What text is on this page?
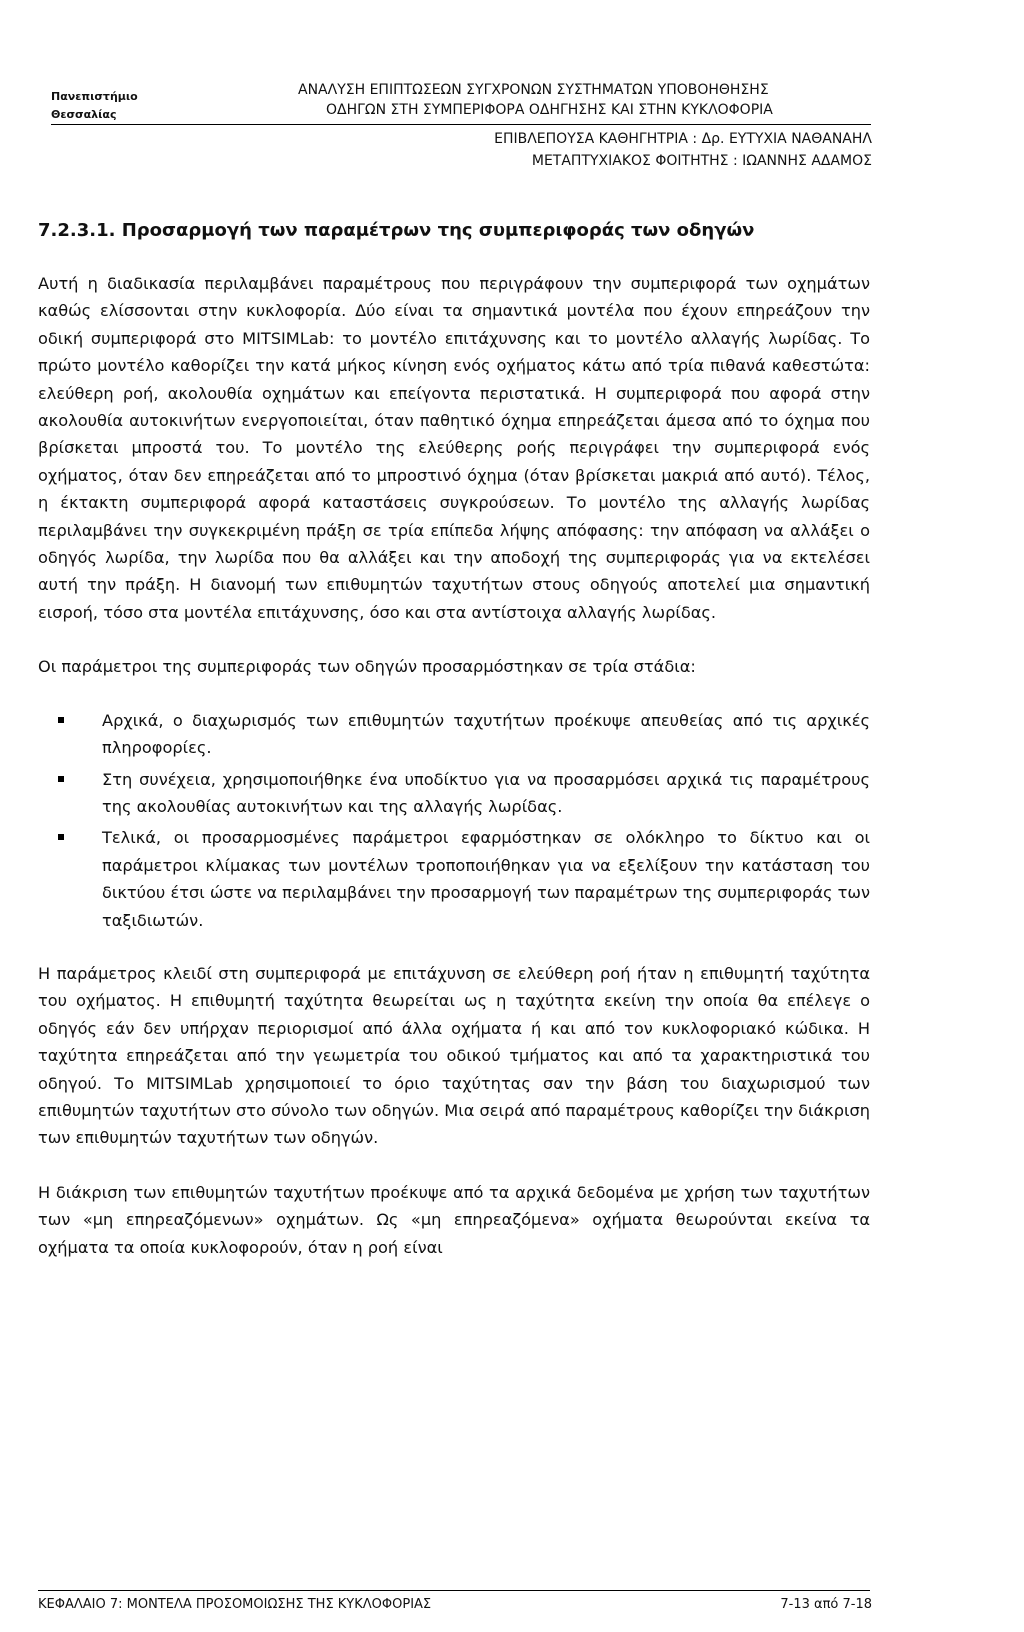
Πανεπιστήμιο
Θεσσαλίας
ΑΝΑΛΥΣΗ ΕΠΙΠΤΩΣΕΩΝ ΣΥΓΧΡΟΝΩΝ ΣΥΣΤΗΜΑΤΩΝ ΥΠΟΒΟΗΘΗΣΗΣ
ΟΔΗΓΩΝ ΣΤΗ ΣΥΜΠΕΡΙΦΟΡΑ ΟΔΗΓΗΣΗΣ ΚΑΙ ΣΤΗΝ ΚΥΚΛΟΦΟΡΙΑ
ΕΠΙΒΛΕΠΟΥΣΑ ΚΑΘΗΓΗΤΡΙΑ : Δρ. ΕΥΤΥΧΙΑ ΝΑΘΑΝΑΗΛ
ΜΕΤΑΠΤΥΧΙΑΚΟΣ ΦΟΙΤΗΤΗΣ : ΙΩΑΝΝΗΣ ΑΔΑΜΟΣ
7.2.3.1. Προσαρμογή των παραμέτρων της συμπεριφοράς των οδηγών

Αυτή η διαδικασία περιλαμβάνει παραμέτρους που περιγράφουν την συμπεριφορά των οχημάτων καθώς ελίσσονται στην κυκλοφορία. Δύο είναι τα σημαντικά μοντέλα που έχουν επηρεάζουν την οδική συμπεριφορά στο MITSIMLab: το μοντέλο επιτάχυνσης και το μοντέλο αλλαγής λωρίδας. Το πρώτο μοντέλο καθορίζει την κατά μήκος κίνηση ενός οχήματος κάτω από τρία πιθανά καθεστώτα: ελεύθερη ροή, ακολουθία οχημάτων και επείγοντα περιστατικά. Η συμπεριφορά που αφορά στην ακολουθία αυτοκινήτων ενεργοποιείται, όταν παθητικό όχημα επηρεάζεται άμεσα από το όχημα που βρίσκεται μπροστά του. Το μοντέλο της ελεύθερης ροής περιγράφει την συμπεριφορά ενός οχήματος, όταν δεν επηρεάζεται από το μπροστινό όχημα (όταν βρίσκεται μακριά από αυτό). Τέλος, η έκτακτη συμπεριφορά αφορά καταστάσεις συγκρούσεων. Το μοντέλο της αλλαγής λωρίδας περιλαμβάνει την συγκεκριμένη πράξη σε τρία επίπεδα λήψης απόφασης: την απόφαση να αλλάξει ο οδηγός λωρίδα, την λωρίδα που θα αλλάξει και την αποδοχή της συμπεριφοράς για να εκτελέσει αυτή την πράξη. Η διανομή των επιθυμητών ταχυτήτων στους οδηγούς αποτελεί μια σημαντική εισροή, τόσο στα μοντέλα επιτάχυνσης, όσο και στα αντίστοιχα αλλαγής λωρίδας.

Οι παράμετροι της συμπεριφοράς των οδηγών προσαρμόστηκαν σε τρία στάδια:

Αρχικά, ο διαχωρισμός των επιθυμητών ταχυτήτων προέκυψε απευθείας από τις αρχικές πληροφορίες.
Στη συνέχεια, χρησιμοποιήθηκε ένα υποδίκτυο για να προσαρμόσει αρχικά τις παραμέτρους της ακολουθίας αυτοκινήτων και της αλλαγής λωρίδας.
Τελικά, οι προσαρμοσμένες παράμετροι εφαρμόστηκαν σε ολόκληρο το δίκτυο και οι παράμετροι κλίμακας των μοντέλων τροποποιήθηκαν για να εξελίξουν την κατάσταση του δικτύου έτσι ώστε να περιλαμβάνει την προσαρμογή των παραμέτρων της συμπεριφοράς των ταξιδιωτών.

Η παράμετρος κλειδί στη συμπεριφορά με επιτάχυνση σε ελεύθερη ροή ήταν η επιθυμητή ταχύτητα του οχήματος. Η επιθυμητή ταχύτητα θεωρείται ως η ταχύτητα εκείνη την οποία θα επέλεγε ο οδηγός εάν δεν υπήρχαν περιορισμοί από άλλα οχήματα ή και από τον κυκλοφοριακό κώδικα. Η ταχύτητα επηρεάζεται από την γεωμετρία του οδικού τμήματος και από τα χαρακτηριστικά του οδηγού. Το MITSIMLab χρησιμοποιεί το όριο ταχύτητας σαν την βάση του διαχωρισμού των επιθυμητών ταχυτήτων στο σύνολο των οδηγών. Μια σειρά από παραμέτρους καθορίζει την διάκριση των επιθυμητών ταχυτήτων των οδηγών.

Η διάκριση των επιθυμητών ταχυτήτων προέκυψε από τα αρχικά δεδομένα με χρήση των ταχυτήτων των «μη επηρεαζόμενων» οχημάτων. Ως «μη επηρεαζόμενα» οχήματα θεωρούνται εκείνα τα οχήματα τα οποία κυκλοφορούν, όταν η ροή είναι

ΚΕΦΑΛΑΙΟ 7: ΜΟΝΤΕΛΑ ΠΡΟΣΟΜΟΙΩΣΗΣ ΤΗΣ ΚΥΚΛΟΦΟΡΙΑΣ	7-13 από 7-18
